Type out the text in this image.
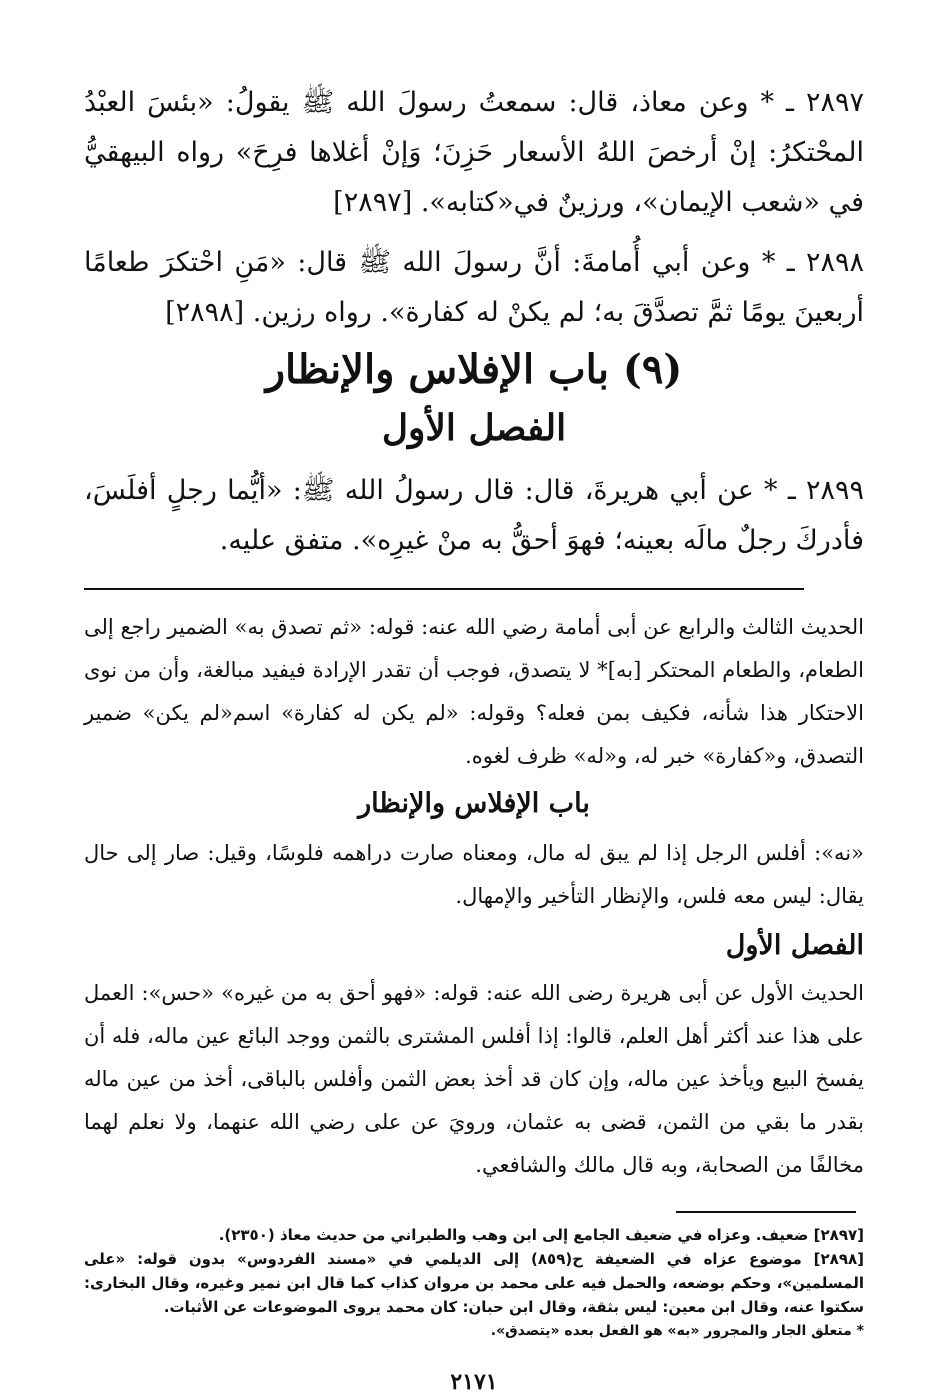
٢٨٩٧ ـ * وعن معاذ، قال: سمعتُ رسولَ الله ﷺ يقولُ: «بئسَ العبْدُ المحْتكرُ: إنْ أرخصَ اللهُ الأسعار حَزِنَ؛ وَإنْ أغلاها فرِحَ» رواه البيهقيُّ في «شعب الإيمان»، ورزينٌ في«كتابه». [٢٨٩٧]

٢٨٩٨ ـ * وعن أبي أُمامةَ: أنَّ رسولَ الله ﷺ قال: «مَنِ احْتكرَ طعامًا أربعينَ يومًا ثمَّ تصدَّقَ به؛ لم يكنْ له كفارة». رواه رزين. [٢٨٩٨]

(٩) باب الإفلاس والإنظار
الفصل الأول

٢٨٩٩ ـ * عن أبي هريرةَ، قال: قال رسولُ الله ﷺ: «أيُّما رجلٍ أفلَسَ، فأدركَ رجلٌ مالَه بعينه؛ فهوَ أحقُّ به منْ غيرِه». متفق عليه.

الحديث الثالث والرابع عن أبى أمامة رضي الله عنه: قوله: «ثم تصدق به» الضمير راجع إلى الطعام، والطعام المحتكر [به]* لا يتصدق، فوجب أن تقدر الإرادة فيفيد مبالغة، وأن من نوى الاحتكار هذا شأنه، فكيف بمن فعله؟ وقوله: «لم يكن له كفارة» اسم«لم يكن» ضمير التصدق، و«كفارة» خبر له، و«له» ظرف لغوه.

باب الإفلاس والإنظار

«نه»: أفلس الرجل إذا لم يبق له مال، ومعناه صارت دراهمه فلوسًا، وقيل: صار إلى حال يقال: ليس معه فلس، والإنظار التأخير والإمهال.

الفصل الأول

الحديث الأول عن أبى هريرة رضى الله عنه: قوله: «فهو أحق به من غيره» «حس»: العمل على هذا عند أكثر أهل العلم، قالوا: إذا أفلس المشترى بالثمن ووجد البائع عين ماله، فله أن يفسخ البيع ويأخذ عين ماله، وإن كان قد أخذ بعض الثمن وأفلس بالباقى، أخذ من عين ماله بقدر ما بقي من الثمن، قضى به عثمان، ورويَ عن على رضي الله عنهما، ولا نعلم لهما مخالفًا من الصحابة، وبه قال مالك والشافعي.

[٢٨٩٧] ضعيف. وعزاه في ضعيف الجامع إلى ابن وهب والطبراني من حديث معاذ (٢٣٥٠).

[٢٨٩٨] موضوع عزاه في الضعيفة ح(٨٥٩) إلى الديلمي في «مسند الفردوس» بدون قوله: «على المسلمين»، وحكم بوضعه، والحمل فيه على محمد بن مروان كذاب كما قال ابن نمير وغيره، وقال البخارى: سكتوا عنه، وقال ابن معين: ليس بثقة، وقال ابن حبان: كان محمد يروى الموضوعات عن الأثبات.

* متعلق الجار والمجرور «به» هو الفعل بعده «يتصدق».

٢١٧١
